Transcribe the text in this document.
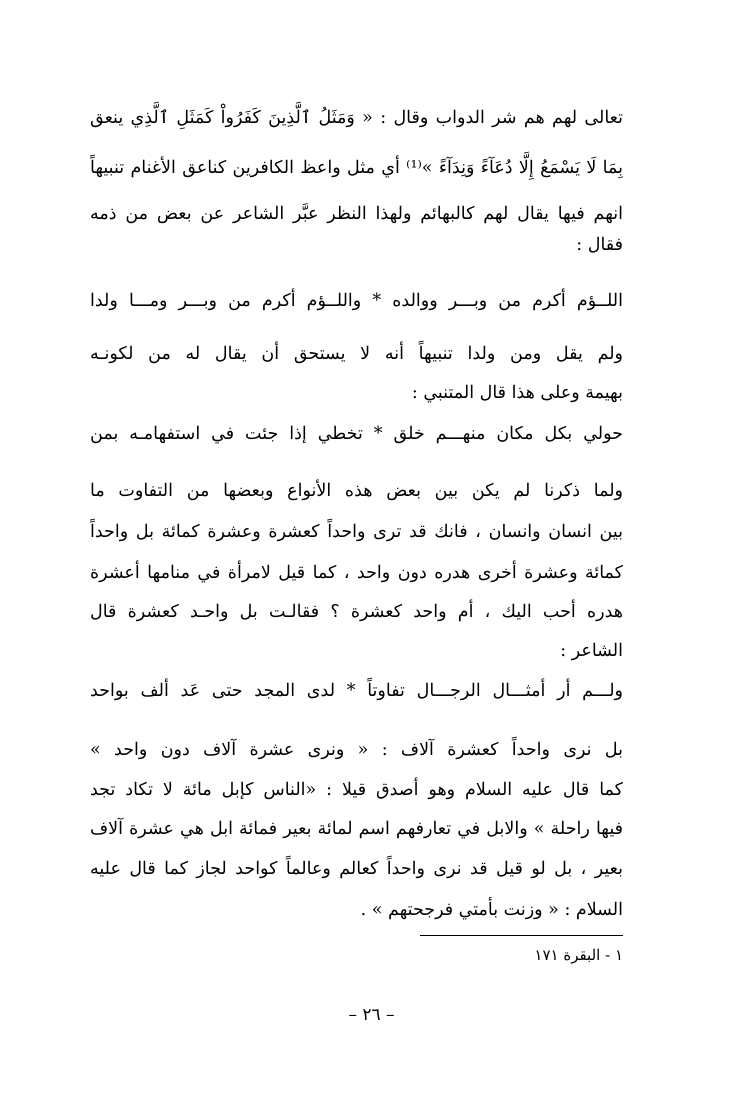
تعالى لهم هم شر الدواب وقال : « وَمَثَلُ ٱلَّذِينَ كَفَرُواْ كَمَثَلِ ٱلَّذِي ينعق
بِمَا لَا يَسْمَعُ إِلَّا دُعَآءً وَنِدَآءً »⁽¹⁾ أي مثل واعظ الكافرين كناعق الأغنام تنبيهاً
انهم فيها يقال لهم كالبهائم ولهذا النظر عبَّر الشاعر عن بعض من ذمه
فقال :
اللــؤم أكرم من وبـــر ووالده * واللــؤم أكرم من وبـــر ومـــا ولدا
ولم يقل ومن ولدا تنبيهاً أنه لا يستحق أن يقال له من لكونـه
بهيمة وعلى هذا قال المتنبي :
حولي بكل مكان منهـــم خلق * تخطي إذا جئت في استفهامـه بمن
ولما ذكرنا لم يكن بين بعض هذه الأنواع وبعضها من التفاوت ما
بين انسان وانسان ، فانك قد ترى واحداً كعشرة وعشرة كمائة بل واحداً
كمائة وعشرة أخرى هدره دون واحد ، كما قيل لامرأة في منامها أعشرة
هدره أحب اليك ، أم واحد كعشرة ؟ فقالـت بل واحـد كعشرة قال
الشاعر :
ولـــم أر أمثـــال الرجـــال تفاوتاً * لدى المجد حتى عَد ألف بواحد
بل نرى واحداً كعشرة آلاف : « ونرى عشرة آلاف دون واحد »
كما قال عليه السلام وهو أصدق قيلا : «الناس كإبل مائة لا تكاد تجد
فيها راحلة » والابل في تعارفهم اسم لمائة بعير فمائة ابل هي عشرة آلاف
بعير ، بل لو قيل قد نرى واحداً كعالم وعالماً كواحد لجاز كما قال عليه
السلام : « وزنت بأمتي فرجحتهم » .
١ - البقرة ١٧١
– ٢٦ –
